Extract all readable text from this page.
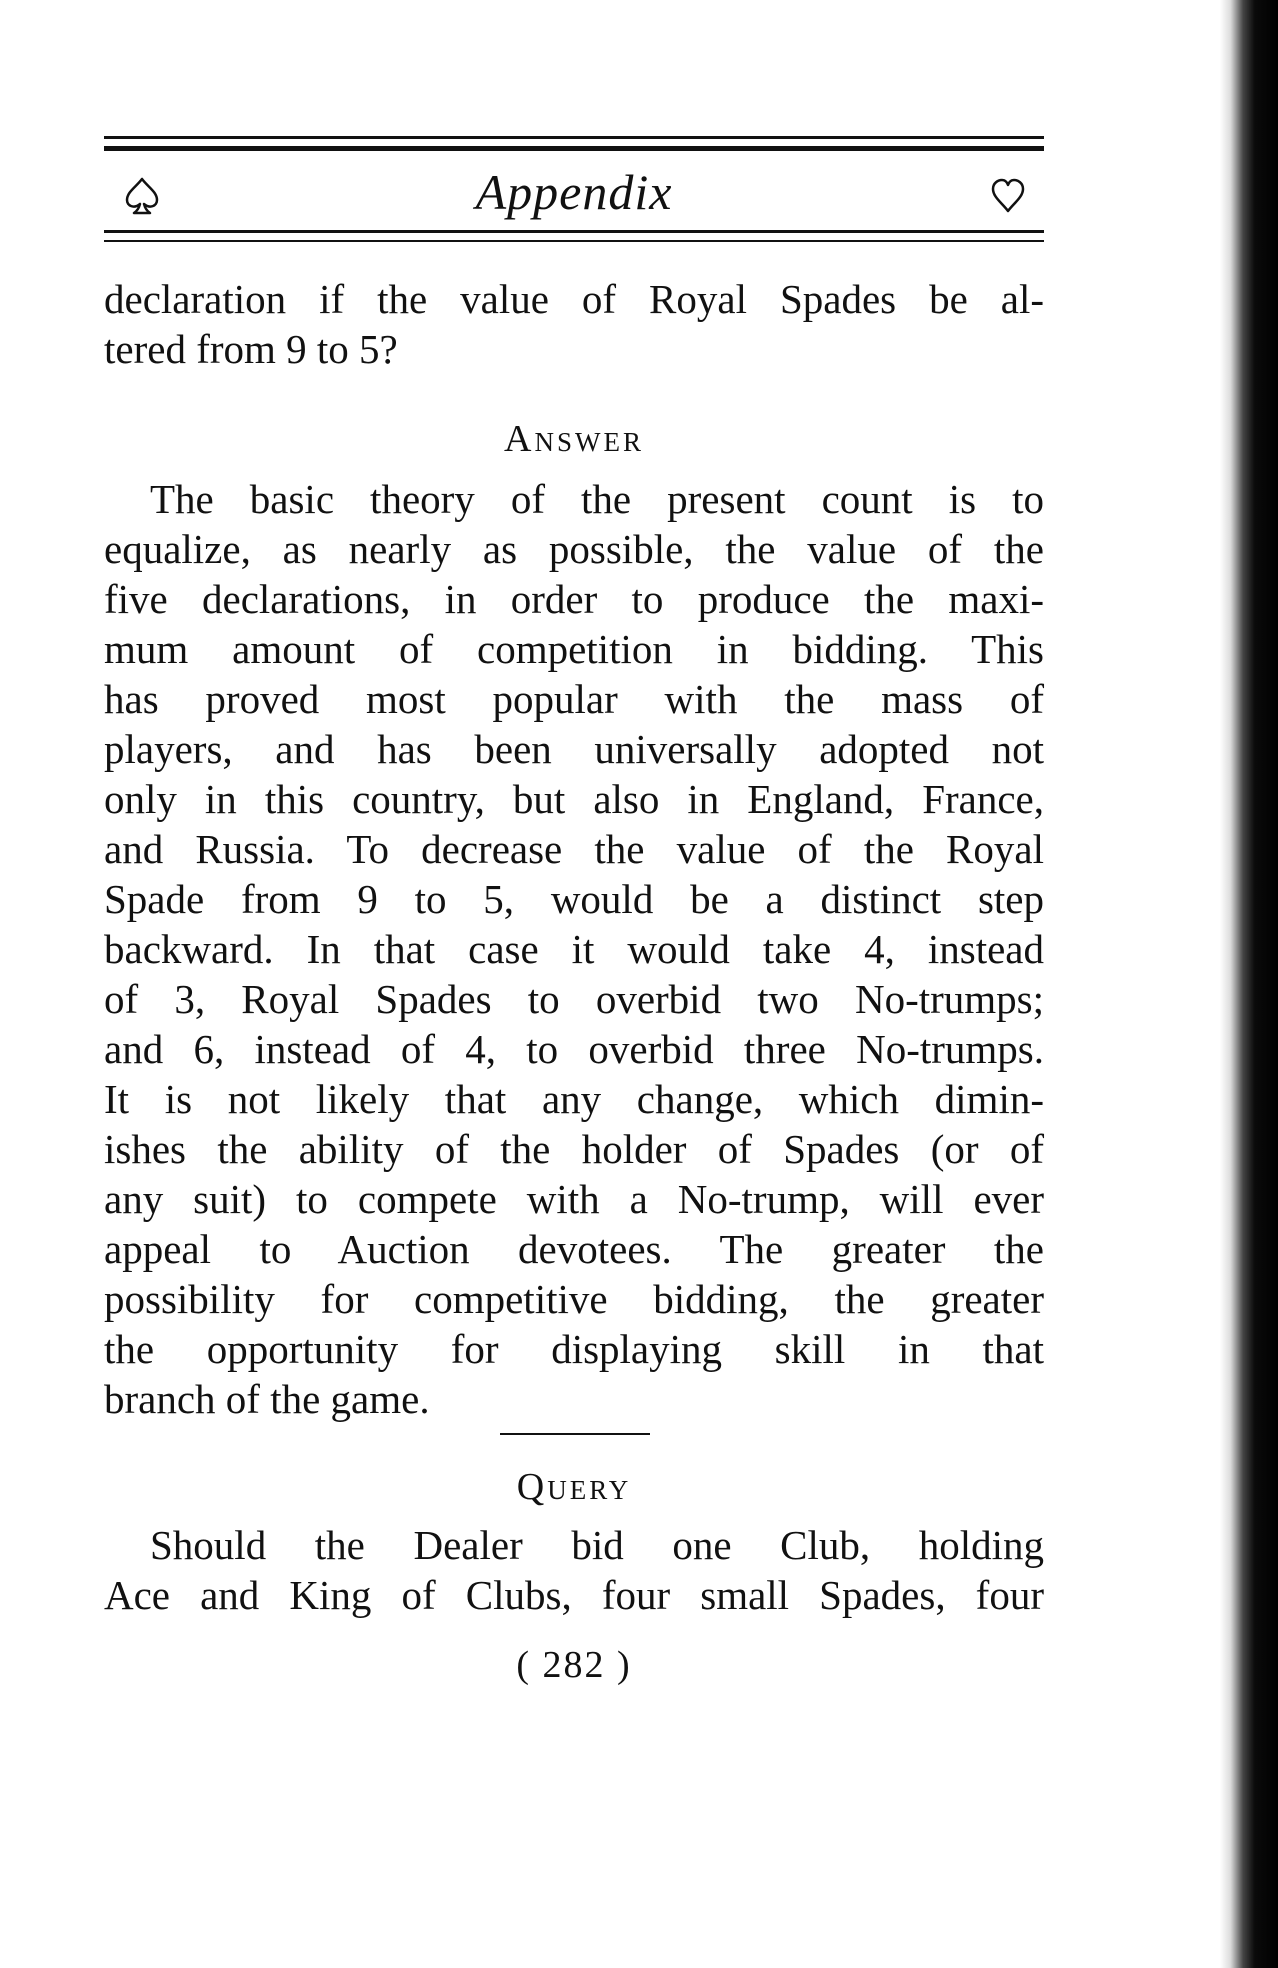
Appendix
declaration if the value of Royal Spades be al-
tered from 9 to 5?
Answer
The basic theory of the present count is to
equalize, as nearly as possible, the value of the
five declarations, in order to produce the maxi-
mum amount of competition in bidding. This
has proved most popular with the mass of
players, and has been universally adopted not
only in this country, but also in England, France,
and Russia. To decrease the value of the Royal
Spade from 9 to 5, would be a distinct step
backward. In that case it would take 4, instead
of 3, Royal Spades to overbid two No-trumps;
and 6, instead of 4, to overbid three No-trumps.
It is not likely that any change, which dimin-
ishes the ability of the holder of Spades (or of
any suit) to compete with a No-trump, will ever
appeal to Auction devotees. The greater the
possibility for competitive bidding, the greater
the opportunity for displaying skill in that
branch of the game.
Query
Should the Dealer bid one Club, holding
Ace and King of Clubs, four small Spades, four
( 282 )
